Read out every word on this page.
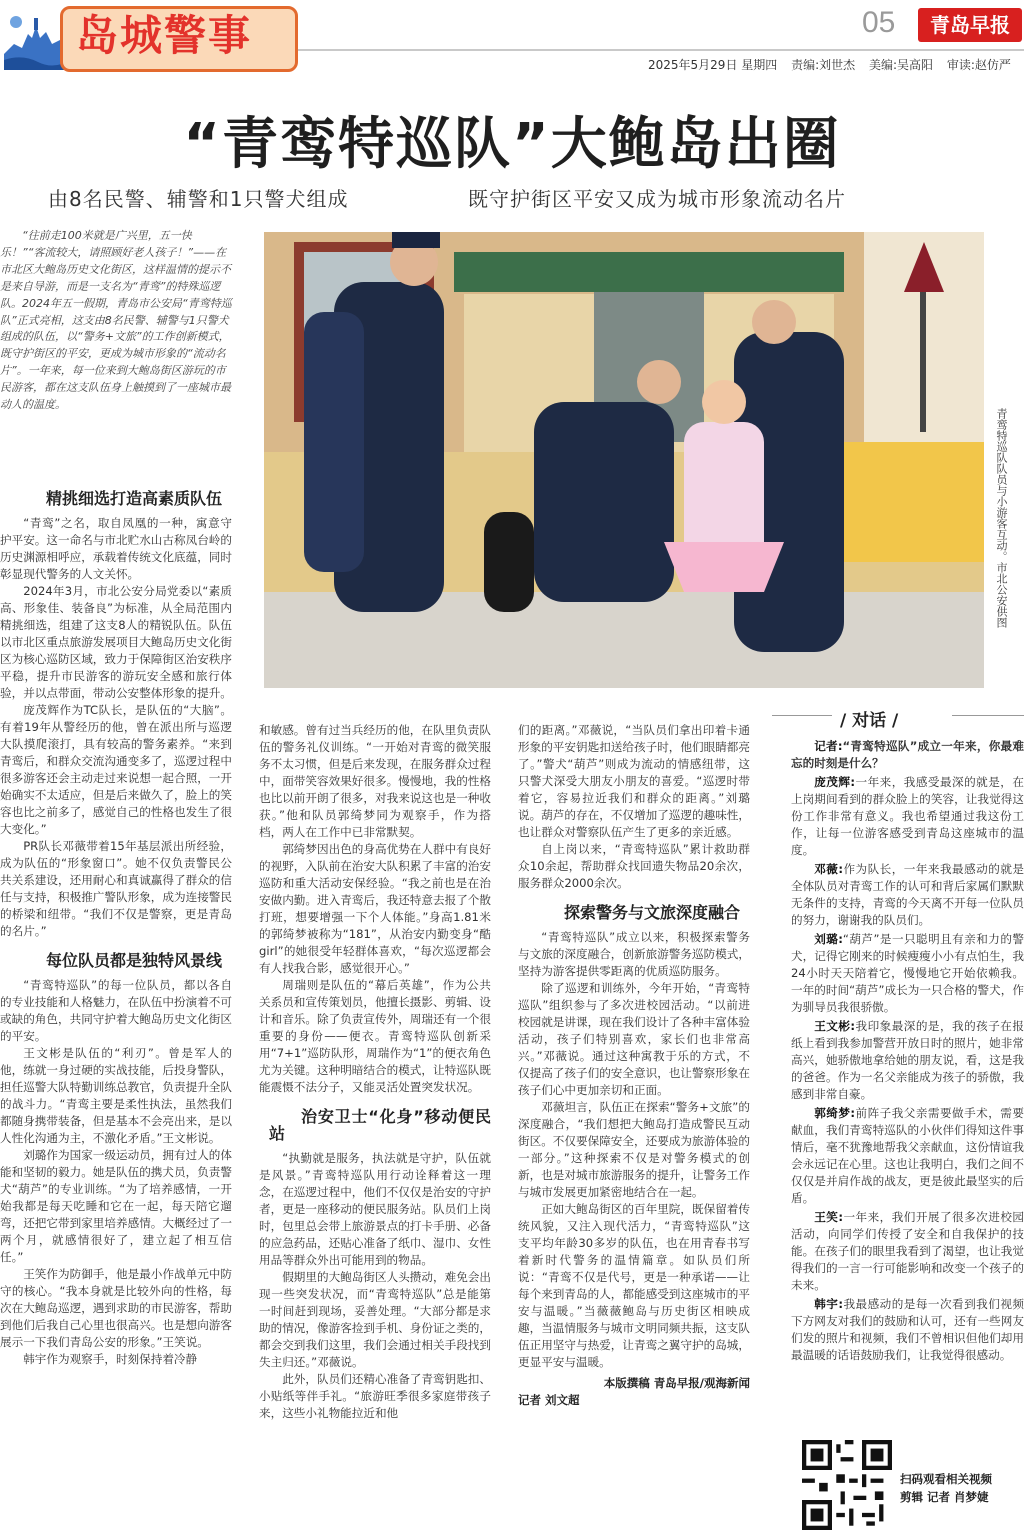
岛城警事	05	青岛早报
2025年5月29日 星期四 责编:刘世杰 美编:吴高阳 审读:赵仿严
“青鸾特巡队”大鲍岛出圈
由8名民警、辅警和1只警犬组成	既守护街区平安又成为城市形象流动名片

“往前走100米就是广兴里，五一快乐！”“客流较大，请照顾好老人孩子！”——在市北区大鲍岛历史文化街区，这样温情的提示不是来自导游，而是一支名为“青鸾”的特殊巡逻队。2024年五一假期，青岛市公安局“青鸾特巡队”正式亮相，这支由8名民警、辅警与1只警犬组成的队伍，以“警务+文旅”的工作创新模式，既守护街区的平安，更成为城市形象的“流动名片”。一年来，每一位来到大鲍岛街区游玩的市民游客，都在这支队伍身上触摸到了一座城市最动人的温度。

青鸾特巡队队员与小游客互动。市北公安供图

精挑细选打造高素质队伍

“青鸾”之名，取自凤凰的一种，寓意守护平安。这一命名与市北贮水山古称凤台岭的历史渊源相呼应，承载着传统文化底蕴，同时彰显现代警务的人文关怀。

2024年3月，市北公安分局党委以“素质高、形象佳、装备良”为标准，从全局范围内精挑细选，组建了这支8人的精锐队伍。队伍以市北区重点旅游发展项目大鲍岛历史文化街区为核心巡防区域，致力于保障街区治安秩序平稳，提升市民游客的游玩安全感和旅行体验，并以点带面，带动公安整体形象的提升。

庞茂辉作为TC队长，是队伍的“大脑”。有着19年从警经历的他，曾在派出所与巡逻大队摸爬滚打，具有较高的警务素养。“来到青鸾后，和群众交流沟通变多了，巡逻过程中很多游客还会主动走过来说想一起合照，一开始确实不太适应，但是后来做久了，脸上的笑容也比之前多了，感觉自己的性格也发生了很大变化。”

PR队长邓薇带着15年基层派出所经验，成为队伍的“形象窗口”。她不仅负责警民公共关系建设，还用耐心和真诚赢得了群众的信任与支持，积极推广警队形象，成为连接警民的桥梁和纽带。“我们不仅是警察，更是青岛的名片。”

每位队员都是独特风景线

“青鸾特巡队”的每一位队员，都以各自的专业技能和人格魅力，在队伍中扮演着不可或缺的角色，共同守护着大鲍岛历史文化街区的平安。

王文彬是队伍的“利刃”。曾是军人的他，练就一身过硬的实战技能，后投身警队，担任巡警大队特勤训练总教官，负责提升全队的战斗力。“青鸾主要是柔性执法，虽然我们都随身携带装备，但是基本不会亮出来，是以人性化沟通为主，不激化矛盾。”王文彬说。

刘璐作为国家一级运动员，拥有过人的体能和坚韧的毅力。她是队伍的携犬员，负责警犬“葫芦”的专业训练。“为了培养感情，一开始我都是每天吃睡和它在一起，每天陪它遛弯，还把它带到家里培养感情。大概经过了一两个月，就感情很好了，建立起了相互信任。”

王笑作为防御手，他是最小作战单元中防守的核心。“我本身就是比较外向的性格，每次在大鲍岛巡逻，遇到求助的市民游客，帮助到他们后我自己心里也很高兴。也是想向游客展示一下我们青岛公安的形象。”王笑说。

韩宇作为观察手，时刻保持着冷静

和敏感。曾有过当兵经历的他，在队里负责队伍的警务礼仪训练。“一开始对青鸾的微笑服务不太习惯，但是后来发现，在服务群众过程中，面带笑容效果好很多。慢慢地，我的性格也比以前开朗了很多，对我来说这也是一种收获。”他和队员郭绮梦同为观察手，作为搭档，两人在工作中已非常默契。

郭绮梦因出色的身高优势在人群中有良好的视野，入队前在治安大队积累了丰富的治安巡防和重大活动安保经验。“我之前也是在治安做内勤。进入青鸾后，我还特意去报了个散打班，想要增强一下个人体能。”身高1.81米的郭绮梦被称为“181”，从治安内勤变身“酷girl”的她很受年轻群体喜欢，“每次巡逻都会有人找我合影，感觉很开心。”

周瑞则是队伍的“幕后英雄”，作为公共关系员和宣传策划员，他擅长摄影、剪辑、设计和音乐。除了负责宣传外，周瑞还有一个很重要的身份——便衣。青鸾特巡队创新采用“7+1”巡防队形，周瑞作为“1”的便衣角色尤为关键。这种明暗结合的模式，让特巡队既能震慑不法分子，又能灵活处置突发状况。

治安卫士“化身”移动便民站

“执勤就是服务，执法就是守护，队伍就是风景。”青鸾特巡队用行动诠释着这一理念，在巡逻过程中，他们不仅仅是治安的守护者，更是一座移动的便民服务站。队员们上岗时，包里总会带上旅游景点的打卡手册、必备的应急药品，还贴心准备了纸巾、湿巾、女性用品等群众外出可能用到的物品。

假期里的大鲍岛街区人头攒动，难免会出现一些突发状况，而“青鸾特巡队”总是能第一时间赶到现场，妥善处理。“大部分都是求助的情况，像游客捡到手机、身份证之类的，都会交到我们这里，我们会通过相关手段找到失主归还。”邓薇说。

此外，队员们还精心准备了青鸾钥匙扣、小贴纸等伴手礼。“旅游旺季很多家庭带孩子来，这些小礼物能拉近和他

们的距离。”邓薇说，“当队员们拿出印着卡通形象的平安钥匙扣送给孩子时，他们眼睛都亮了。”警犬“葫芦”则成为流动的情感纽带，这只警犬深受大朋友小朋友的喜爱。“巡逻时带着它，容易拉近我们和群众的距离。”刘璐说。葫芦的存在，不仅增加了巡逻的趣味性，也让群众对警察队伍产生了更多的亲近感。

自上岗以来，“青鸾特巡队”累计救助群众10余起，帮助群众找回遗失物品20余次，服务群众2000余次。

探索警务与文旅深度融合

“青鸾特巡队”成立以来，积极探索警务与文旅的深度融合，创新旅游警务巡防模式，坚持为游客提供零距离的优质巡防服务。

除了巡逻和训练外，今年开始，“青鸾特巡队”组织参与了多次进校园活动。“以前进校园就是讲课，现在我们设计了各种丰富体验活动，孩子们特别喜欢，家长们也非常高兴。”邓薇说。通过这种寓教于乐的方式，不仅提高了孩子们的安全意识，也让警察形象在孩子们心中更加亲切和正面。

邓薇坦言，队伍正在探索“警务+文旅”的深度融合，“我们想把大鲍岛打造成警民互动街区。不仅要保障安全，还要成为旅游体验的一部分。”这种探索不仅是对警务模式的创新，也是对城市旅游服务的提升，让警务工作与城市发展更加紧密地结合在一起。

正如大鲍岛街区的百年里院，既保留着传统风貌，又注入现代活力，“青鸾特巡队”这支平均年龄30多岁的队伍，也在用青春书写着新时代警务的温情篇章。如队员们所说：“青鸾不仅是代号，更是一种承诺——让每个来到青岛的人，都能感受到这座城市的平安与温暖。”当薇薇鲍岛与历史街区相映成趣，当温情服务与城市文明同频共振，这支队伍正用坚守与热爱，让青鸾之翼守护的岛城，更显平安与温暖。

本版撰稿 青岛早报/观海新闻

记者 刘文超

/ 对话 /

记者:“青鸾特巡队”成立一年来，你最难忘的时刻是什么？

庞茂辉:一年来，我感受最深的就是，在上岗期间看到的群众脸上的笑容，让我觉得这份工作非常有意义。我也希望通过我这份工作，让每一位游客感受到青岛这座城市的温度。

邓薇:作为队长，一年来我最感动的就是全体队员对青鸾工作的认可和背后家属们默默无条件的支持，青鸾的今天离不开每一位队员的努力，谢谢我的队员们。

刘璐:“葫芦”是一只聪明且有亲和力的警犬，记得它刚来的时候瘦瘦小小有点怕生，我24小时天天陪着它，慢慢地它开始依赖我。一年的时间“葫芦”成长为一只合格的警犬，作为驯导员我很骄傲。

王文彬:我印象最深的是，我的孩子在报纸上看到我参加警营开放日时的照片，她非常高兴，她骄傲地拿给她的朋友说，看，这是我的爸爸。作为一名父亲能成为孩子的骄傲，我感到非常自豪。

郭绮梦:前阵子我父亲需要做手术，需要献血，我们青鸾特巡队的小伙伴们得知这件事情后，毫不犹豫地帮我父亲献血，这份情谊我会永远记在心里。这也让我明白，我们之间不仅仅是并肩作战的战友，更是彼此最坚实的后盾。

王笑:一年来，我们开展了很多次进校园活动，向同学们传授了安全和自我保护的技能。在孩子们的眼里我看到了渴望，也让我觉得我们的一言一行可能影响和改变一个孩子的未来。

韩宇:我最感动的是每一次看到我们视频下方网友对我们的鼓励和认可，还有一些网友们发的照片和视频，我们不曾相识但他们却用最温暖的话语鼓励我们，让我觉得很感动。

扫码观看相关视频
剪辑 记者 肖梦婕
